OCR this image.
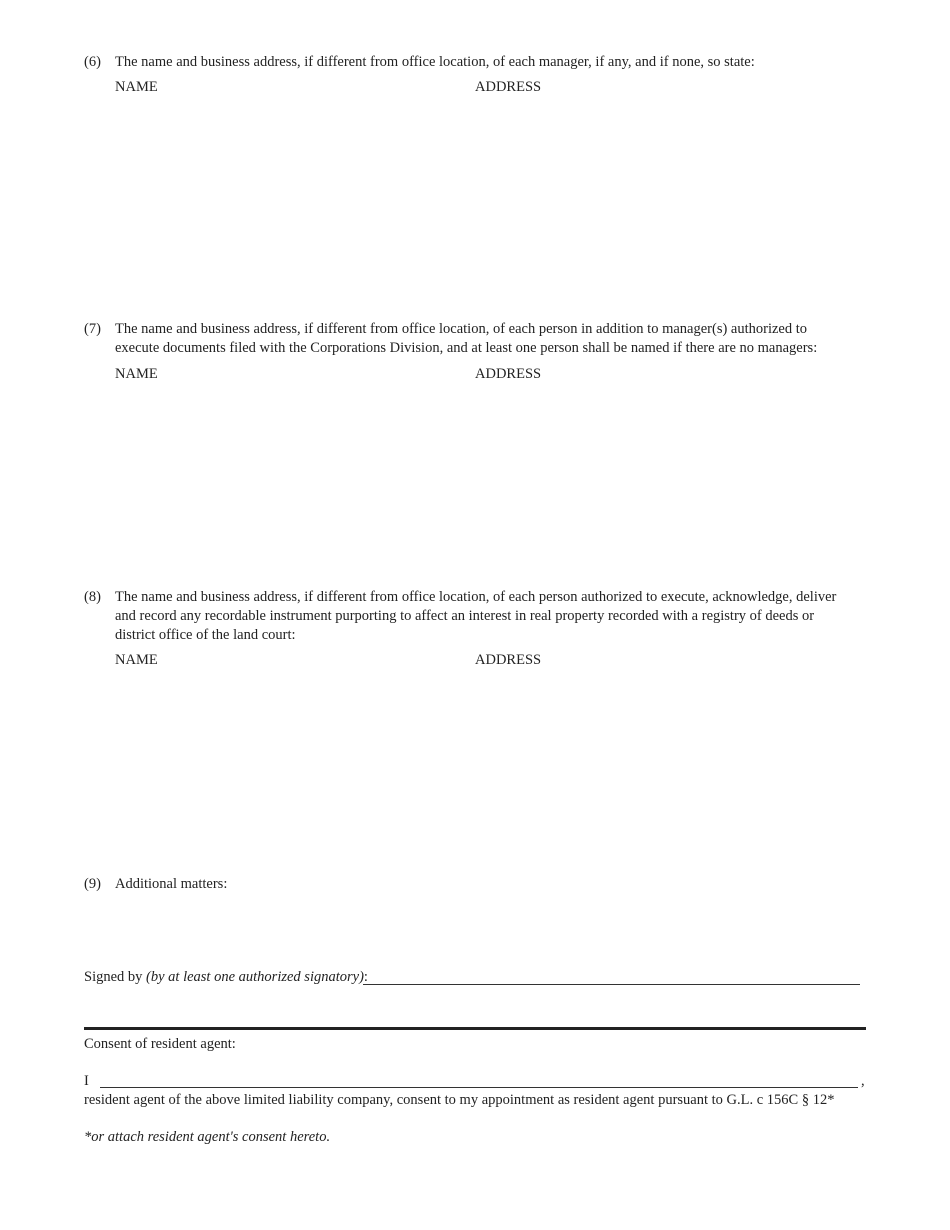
(6) The name and business address, if different from office location, of each manager, if any, and if none, so state:
NAME	ADDRESS
(7) The name and business address, if different from office location, of each person in addition to manager(s) authorized to
execute documents filed with the Corporations Division, and at least one person shall be named if there are no managers:
NAME	ADDRESS
(8) The name and business address, if different from office location, of each person authorized to execute, acknowledge, deliver
and record any recordable instrument purporting to affect an interest in real property recorded with a registry of deeds or
district office of the land court:
NAME	ADDRESS
(9) Additional matters:
Signed by (by at least one authorized signatory):
Consent of resident agent:
I	,
resident agent of the above limited liability company, consent to my appointment as resident agent pursuant to G.L. c 156C § 12*
*or attach resident agent's consent hereto.
